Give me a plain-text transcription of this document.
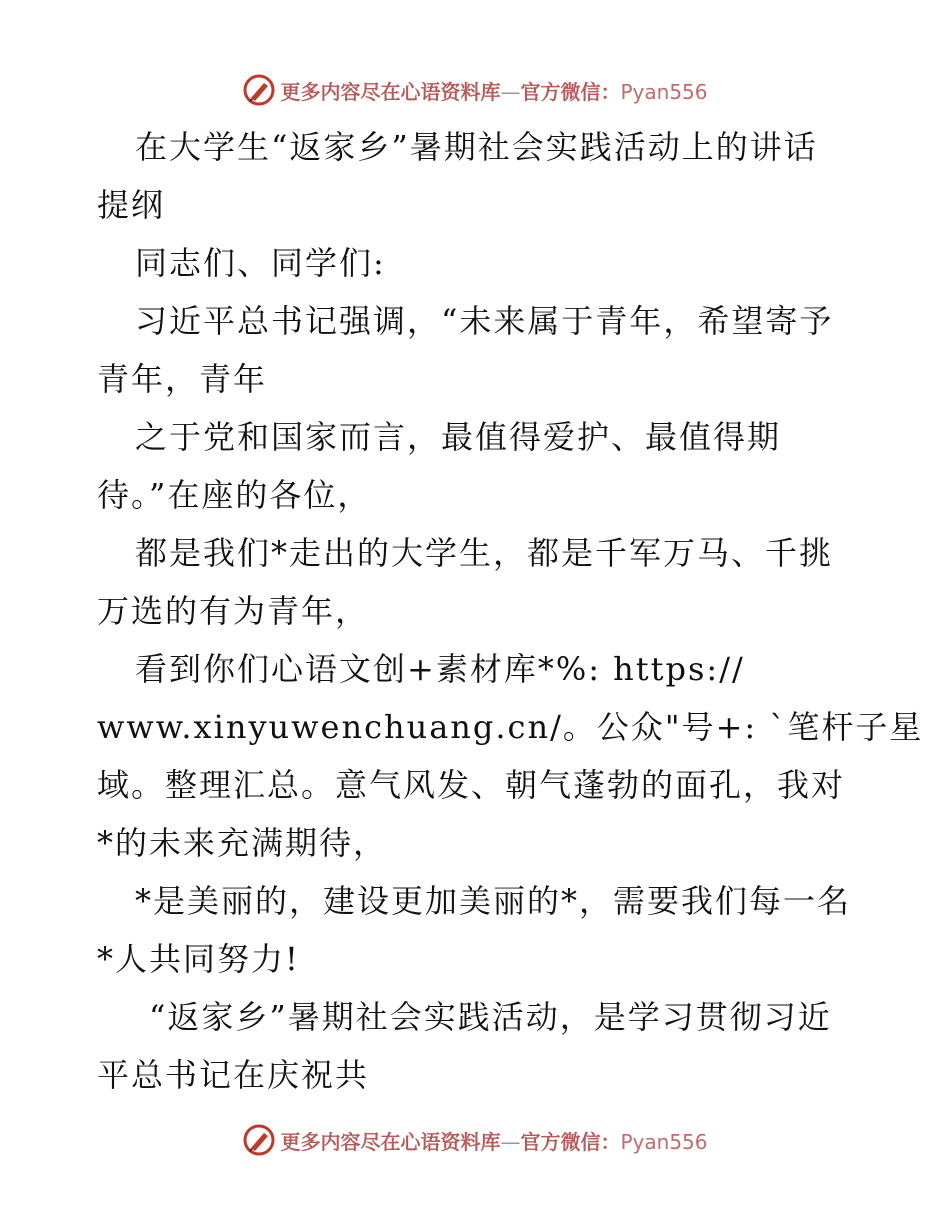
更多内容尽在心语资料库—官方微信：Pyan556
在大学生“返家乡”暑期社会实践活动上的讲话
提纲
同志们、同学们:
习近平总书记强调，“未来属于青年，希望寄予
青年，青年
之于党和国家而言，最值得爱护、最值得期
待。”在座的各位，
都是我们*走出的大学生，都是千军万马、千挑
万选的有为青年，
看到你们心语文创+素材库*%: https://
www.xinyuwenchuang.cn/。公众"号+: `笔杆子星
域。整理汇总。意气风发、朝气蓬勃的面孔，我对
*的未来充满期待，
*是美丽的，建设更加美丽的*，需要我们每一名
*人共同努力!
“返家乡”暑期社会实践活动，是学习贯彻习近
平总书记在庆祝共
更多内容尽在心语资料库—官方微信：Pyan556
